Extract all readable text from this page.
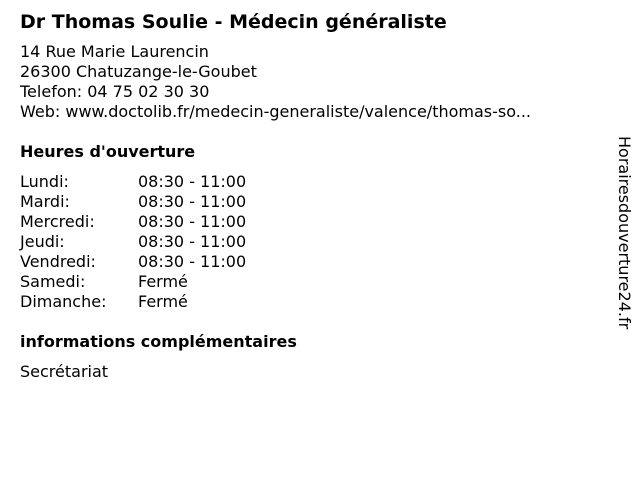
Dr Thomas Soulie - Médecin généraliste
14 Rue Marie Laurencin
26300 Chatuzange-le-Goubet
Telefon: 04 75 02 30 30
Web: www.doctolib.fr/medecin-generaliste/valence/thomas-so...
Heures d'ouverture
Lundi:	08:30 - 11:00
Mardi:	08:30 - 11:00
Mercredi:	08:30 - 11:00
Jeudi:	08:30 - 11:00
Vendredi:	08:30 - 11:00
Samedi:	Fermé
Dimanche:	Fermé
informations complémentaires
Secrétariat
Horairesdouverture24.fr
